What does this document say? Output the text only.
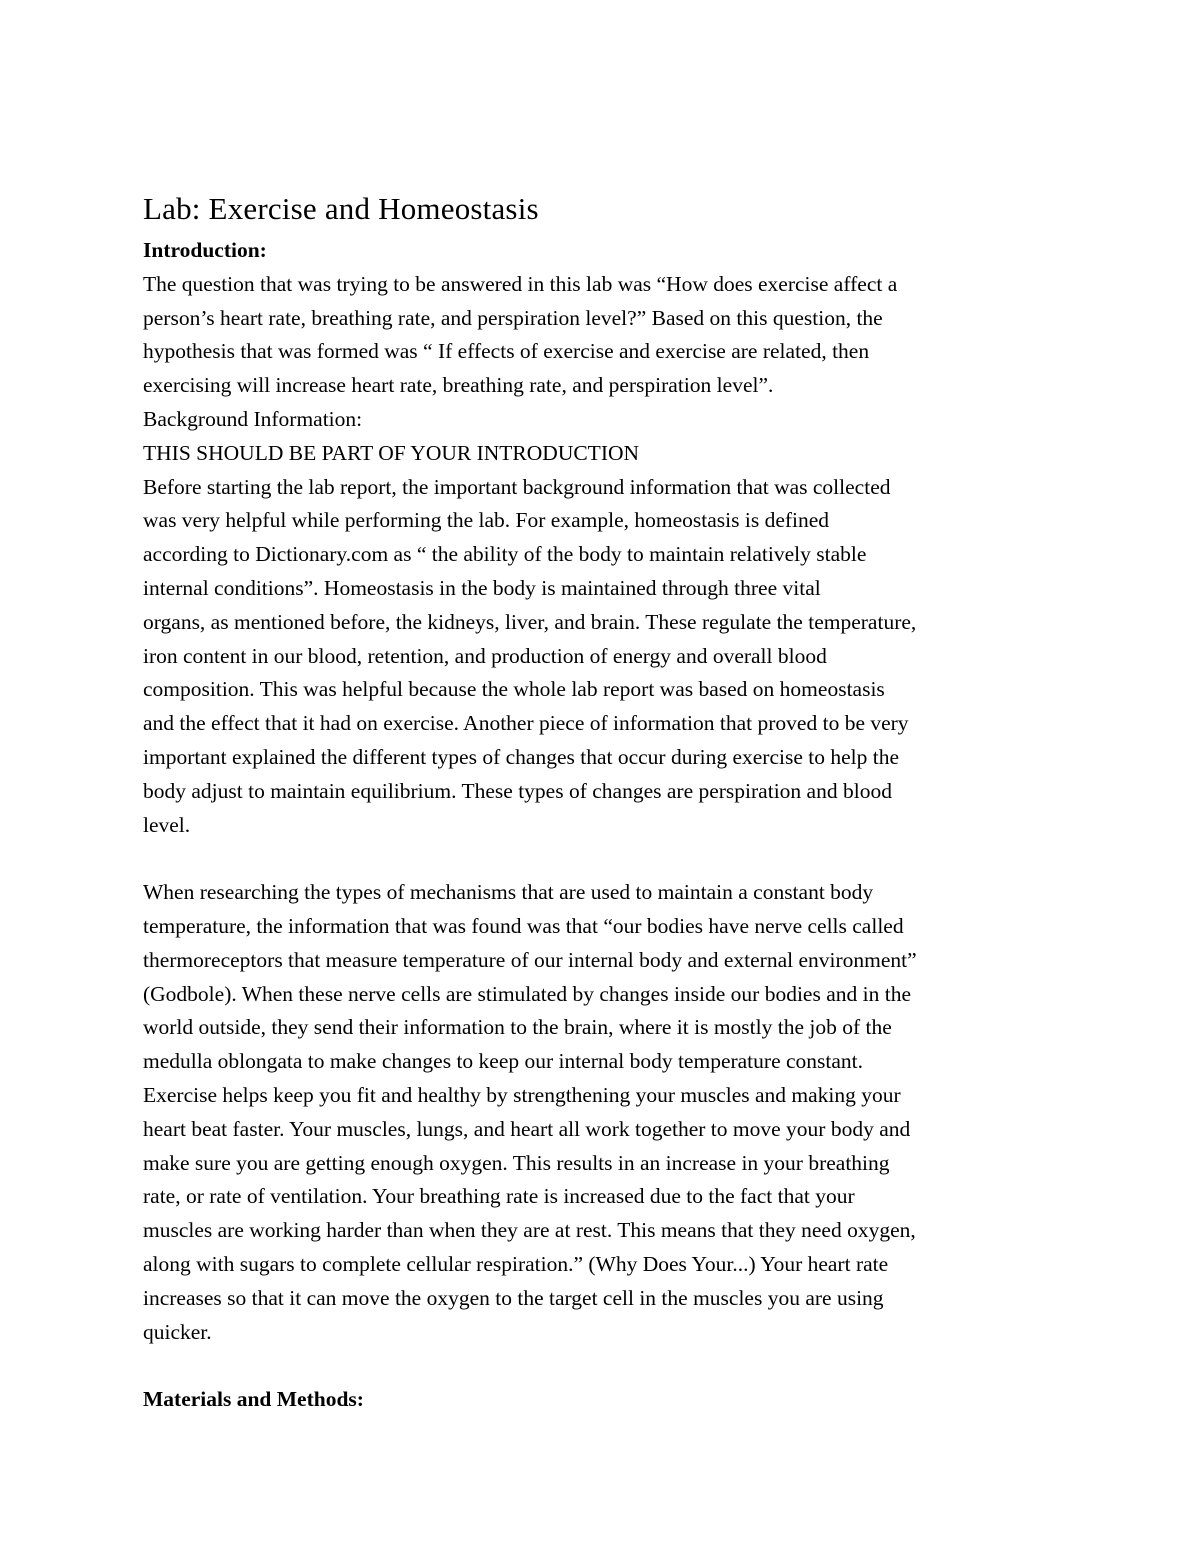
Lab: Exercise and Homeostasis
Introduction:
The question that was trying to be answered in this lab was “How does exercise affect a
person’s heart rate, breathing rate, and perspiration level?” Based on this question, the
hypothesis that was formed was “ If effects of exercise and exercise are related, then
exercising will increase heart rate, breathing rate, and perspiration level”.
Background Information:
THIS SHOULD BE PART OF YOUR INTRODUCTION
Before starting the lab report, the important background information that was collected
was very helpful while performing the lab. For example, homeostasis is defined
according to Dictionary.com as “ the ability of the body to maintain relatively stable
internal conditions”. Homeostasis in the body is maintained through three vital
organs, as mentioned before, the kidneys, liver, and brain. These regulate the temperature,
iron content in our blood, retention, and production of energy and overall blood
composition. This was helpful because the whole lab report was based on homeostasis
and the effect that it had on exercise. Another piece of information that proved to be very
important explained the different types of changes that occur during exercise to help the
body adjust to maintain equilibrium. These types of changes are perspiration and blood
level.
When researching the types of mechanisms that are used to maintain a constant body
temperature, the information that was found was that “our bodies have nerve cells called
thermoreceptors that measure temperature of our internal body and external environment”
(Godbole). When these nerve cells are stimulated by changes inside our bodies and in the
world outside, they send their information to the brain, where it is mostly the job of the
medulla oblongata to make changes to keep our internal body temperature constant.
Exercise helps keep you fit and healthy by strengthening your muscles and making your
heart beat faster. Your muscles, lungs, and heart all work together to move your body and
make sure you are getting enough oxygen. This results in an increase in your breathing
rate, or rate of ventilation. Your breathing rate is increased due to the fact that your
muscles are working harder than when they are at rest. This means that they need oxygen,
along with sugars to complete cellular respiration.” (Why Does Your...) Your heart rate
increases so that it can move the oxygen to the target cell in the muscles you are using
quicker.
Materials and Methods:
